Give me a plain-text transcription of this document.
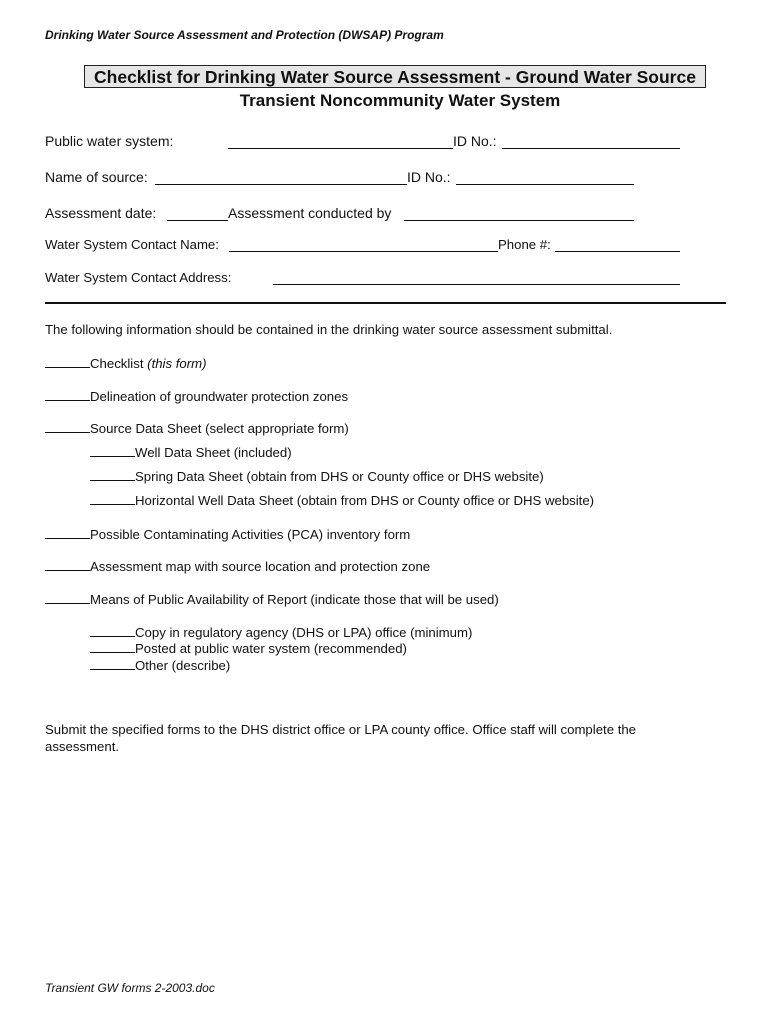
Drinking Water Source Assessment and Protection (DWSAP) Program
Checklist for Drinking Water Source Assessment - Ground Water Source
Transient Noncommunity Water System
Public water system:	ID No.:
Name of source:	ID No.:
Assessment date:	Assessment conducted by
Water System Contact Name:	Phone #:
Water System Contact Address:
The following information should be contained in the drinking water source assessment submittal.
Checklist (this form)
Delineation of groundwater protection zones
Source Data Sheet (select appropriate form)
Well Data Sheet (included)
Spring Data Sheet (obtain from DHS or County office or DHS website)
Horizontal Well Data Sheet (obtain from DHS or County office or DHS website)
Possible Contaminating Activities (PCA) inventory form
Assessment map with source location and protection zone
Means of Public Availability of Report (indicate those that will be used)
Copy in regulatory agency (DHS or LPA) office (minimum)
Posted at public water system (recommended)
Other (describe)
Submit the specified forms to the DHS district office or LPA county office. Office staff will complete the assessment.
Transient GW forms 2-2003.doc
